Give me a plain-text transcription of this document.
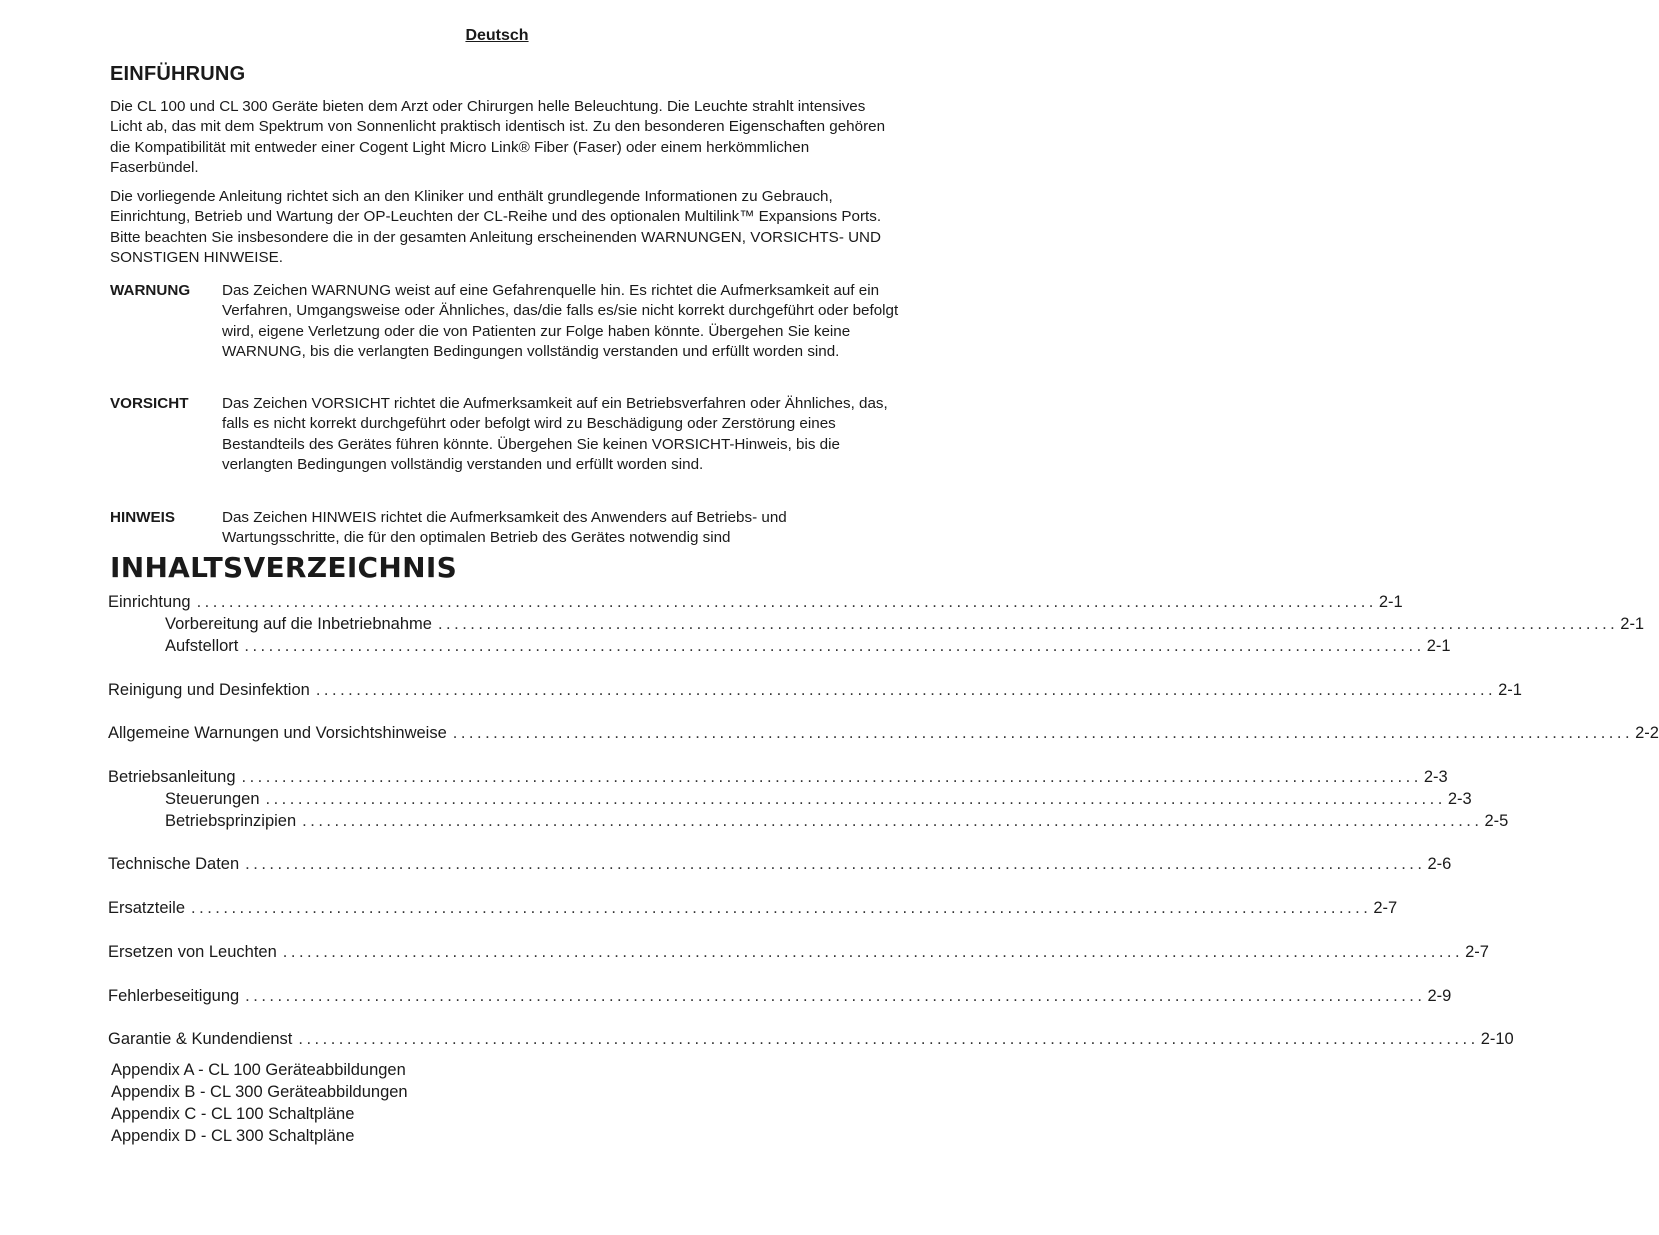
Deutsch
EINFÜHRUNG

Die CL 100 und CL 300 Geräte bieten dem Arzt oder Chirurgen helle Beleuchtung. Die Leuchte strahlt intensives Licht ab, das mit dem Spektrum von Sonnenlicht praktisch identisch ist. Zu den besonderen Eigenschaften gehören die Kompatibilität mit entweder einer Cogent Light Micro Link® Fiber (Faser) oder einem herkömmlichen Faserbündel.

Die vorliegende Anleitung richtet sich an den Kliniker und enthält grundlegende Informationen zu Gebrauch, Einrichtung, Betrieb und Wartung der OP-Leuchten der CL-Reihe und des optionalen Multilink™ Expansions Ports. Bitte beachten Sie insbesondere die in der gesamten Anleitung erscheinenden WARNUNGEN, VORSICHTS- UND SONSTIGEN HINWEISE.

WARNUNG Das Zeichen WARNUNG weist auf eine Gefahrenquelle hin. Es richtet die Aufmerksamkeit auf ein Verfahren, Umgangsweise oder Ähnliches, das/die falls es/sie nicht korrekt durchgeführt oder befolgt wird, eigene Verletzung oder die von Patienten zur Folge haben könnte. Übergehen Sie keine WARNUNG, bis die verlangten Bedingungen vollständig verstanden und erfüllt worden sind.
VORSICHT Das Zeichen VORSICHT richtet die Aufmerksamkeit auf ein Betriebsverfahren oder Ähnliches, das, falls es nicht korrekt durchgeführt oder befolgt wird zu Beschädigung oder Zerstörung eines Bestandteils des Gerätes führen könnte. Übergehen Sie keinen VORSICHT-Hinweis, bis die verlangten Bedingungen vollständig verstanden und erfüllt worden sind.
HINWEIS	Das Zeichen HINWEIS richtet die Aufmerksamkeit des Anwenders auf Betriebs- und Wartungsschritte, die für den optimalen Betrieb des Gerätes notwendig sind
INHALTSVERZEICHNIS
Einrichtung .................................................................................................................................................. 2-1
Vorbereitung auf die Inbetriebnahme .................................................................................................................................................. 2-1
Aufstellort .................................................................................................................................................. 2-1
Reinigung und Desinfektion .................................................................................................................................................. 2-1
Allgemeine Warnungen und Vorsichtshinweise .................................................................................................................................................. 2-2
Betriebsanleitung .................................................................................................................................................. 2-3
Steuerungen .................................................................................................................................................. 2-3
Betriebsprinzipien .................................................................................................................................................. 2-5
Technische Daten .................................................................................................................................................. 2-6
Ersatzteile .................................................................................................................................................. 2-7
Ersetzen von Leuchten .................................................................................................................................................. 2-7
Fehlerbeseitigung .................................................................................................................................................. 2-9
Garantie & Kundendienst .................................................................................................................................................. 2-10
Appendix A - CL 100 Geräteabbildungen
Appendix B - CL 300 Geräteabbildungen
Appendix C - CL 100 Schaltpläne
Appendix D - CL 300 Schaltpläne
